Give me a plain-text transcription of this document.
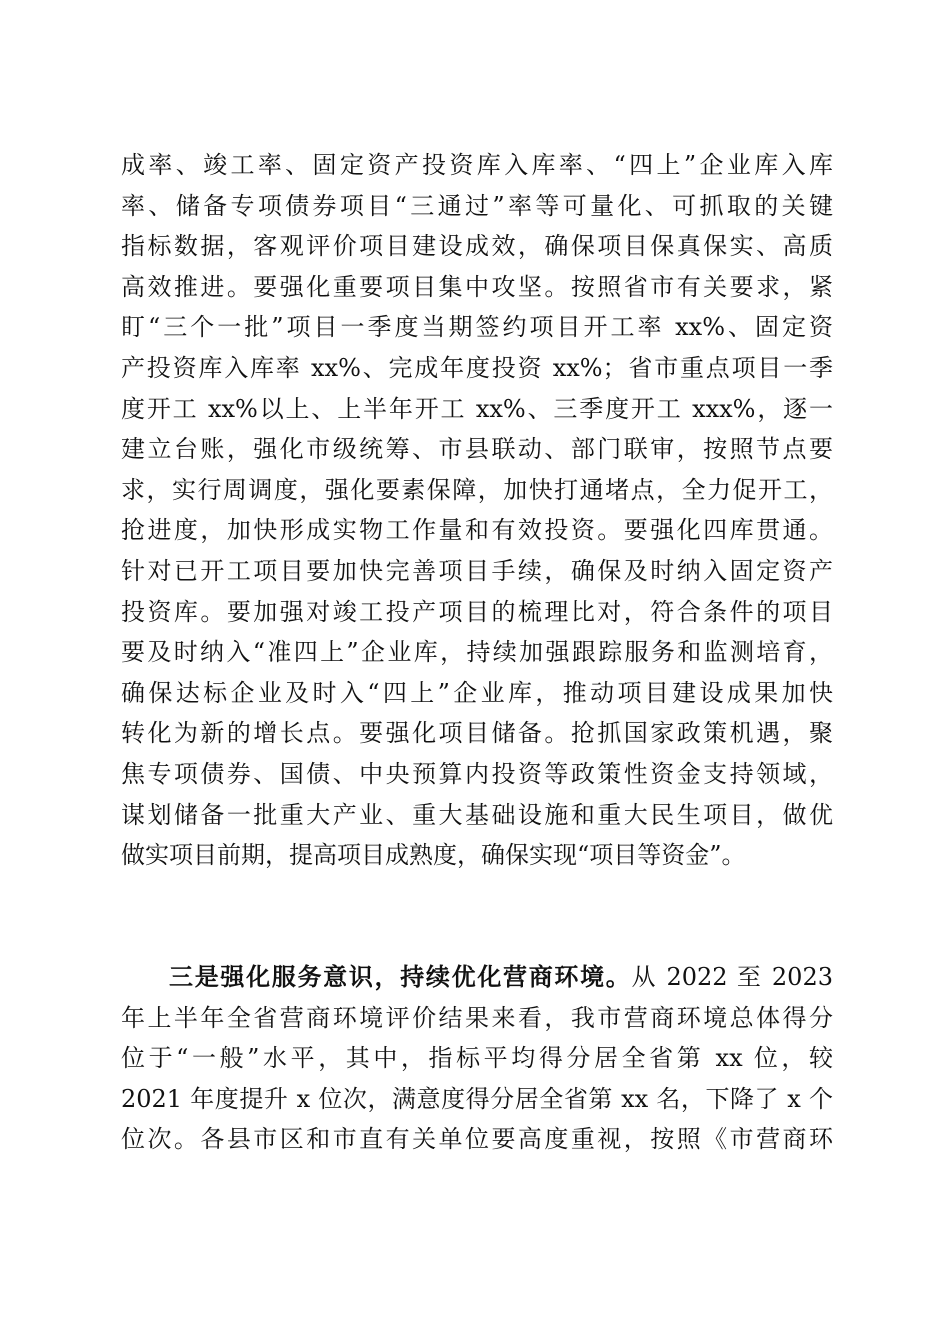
成率、竣工率、固定资产投资库入库率、“四上”企业库入库
率、储备专项债券项目“三通过”率等可量化、可抓取的关键
指标数据，客观评价项目建设成效，确保项目保真保实、高质
高效推进。要强化重要项目集中攻坚。按照省市有关要求，紧
盯“三个一批”项目一季度当期签约项目开工率 xx%、固定资
产投资库入库率 xx%、完成年度投资 xx%；省市重点项目一季
度开工 xx%以上、上半年开工 xx%、三季度开工 xxx%，逐一
建立台账，强化市级统筹、市县联动、部门联审，按照节点要
求，实行周调度，强化要素保障，加快打通堵点，全力促开工，
抢进度，加快形成实物工作量和有效投资。要强化四库贯通。
针对已开工项目要加快完善项目手续，确保及时纳入固定资产
投资库。要加强对竣工投产项目的梳理比对，符合条件的项目
要及时纳入“准四上”企业库，持续加强跟踪服务和监测培育，
确保达标企业及时入“四上”企业库，推动项目建设成果加快
转化为新的增长点。要强化项目储备。抢抓国家政策机遇，聚
焦专项债券、国债、中央预算内投资等政策性资金支持领域，
谋划储备一批重大产业、重大基础设施和重大民生项目，做优
做实项目前期，提高项目成熟度，确保实现“项目等资金”。
三是强化服务意识，持续优化营商环境。从 2022 至 2023
年上半年全省营商环境评价结果来看，我市营商环境总体得分
位于“一般”水平，其中，指标平均得分居全省第 xx 位，较
2021 年度提升 x 位次，满意度得分居全省第 xx 名，下降了 x 个
位次。各县市区和市直有关单位要高度重视，按照《市营商环
